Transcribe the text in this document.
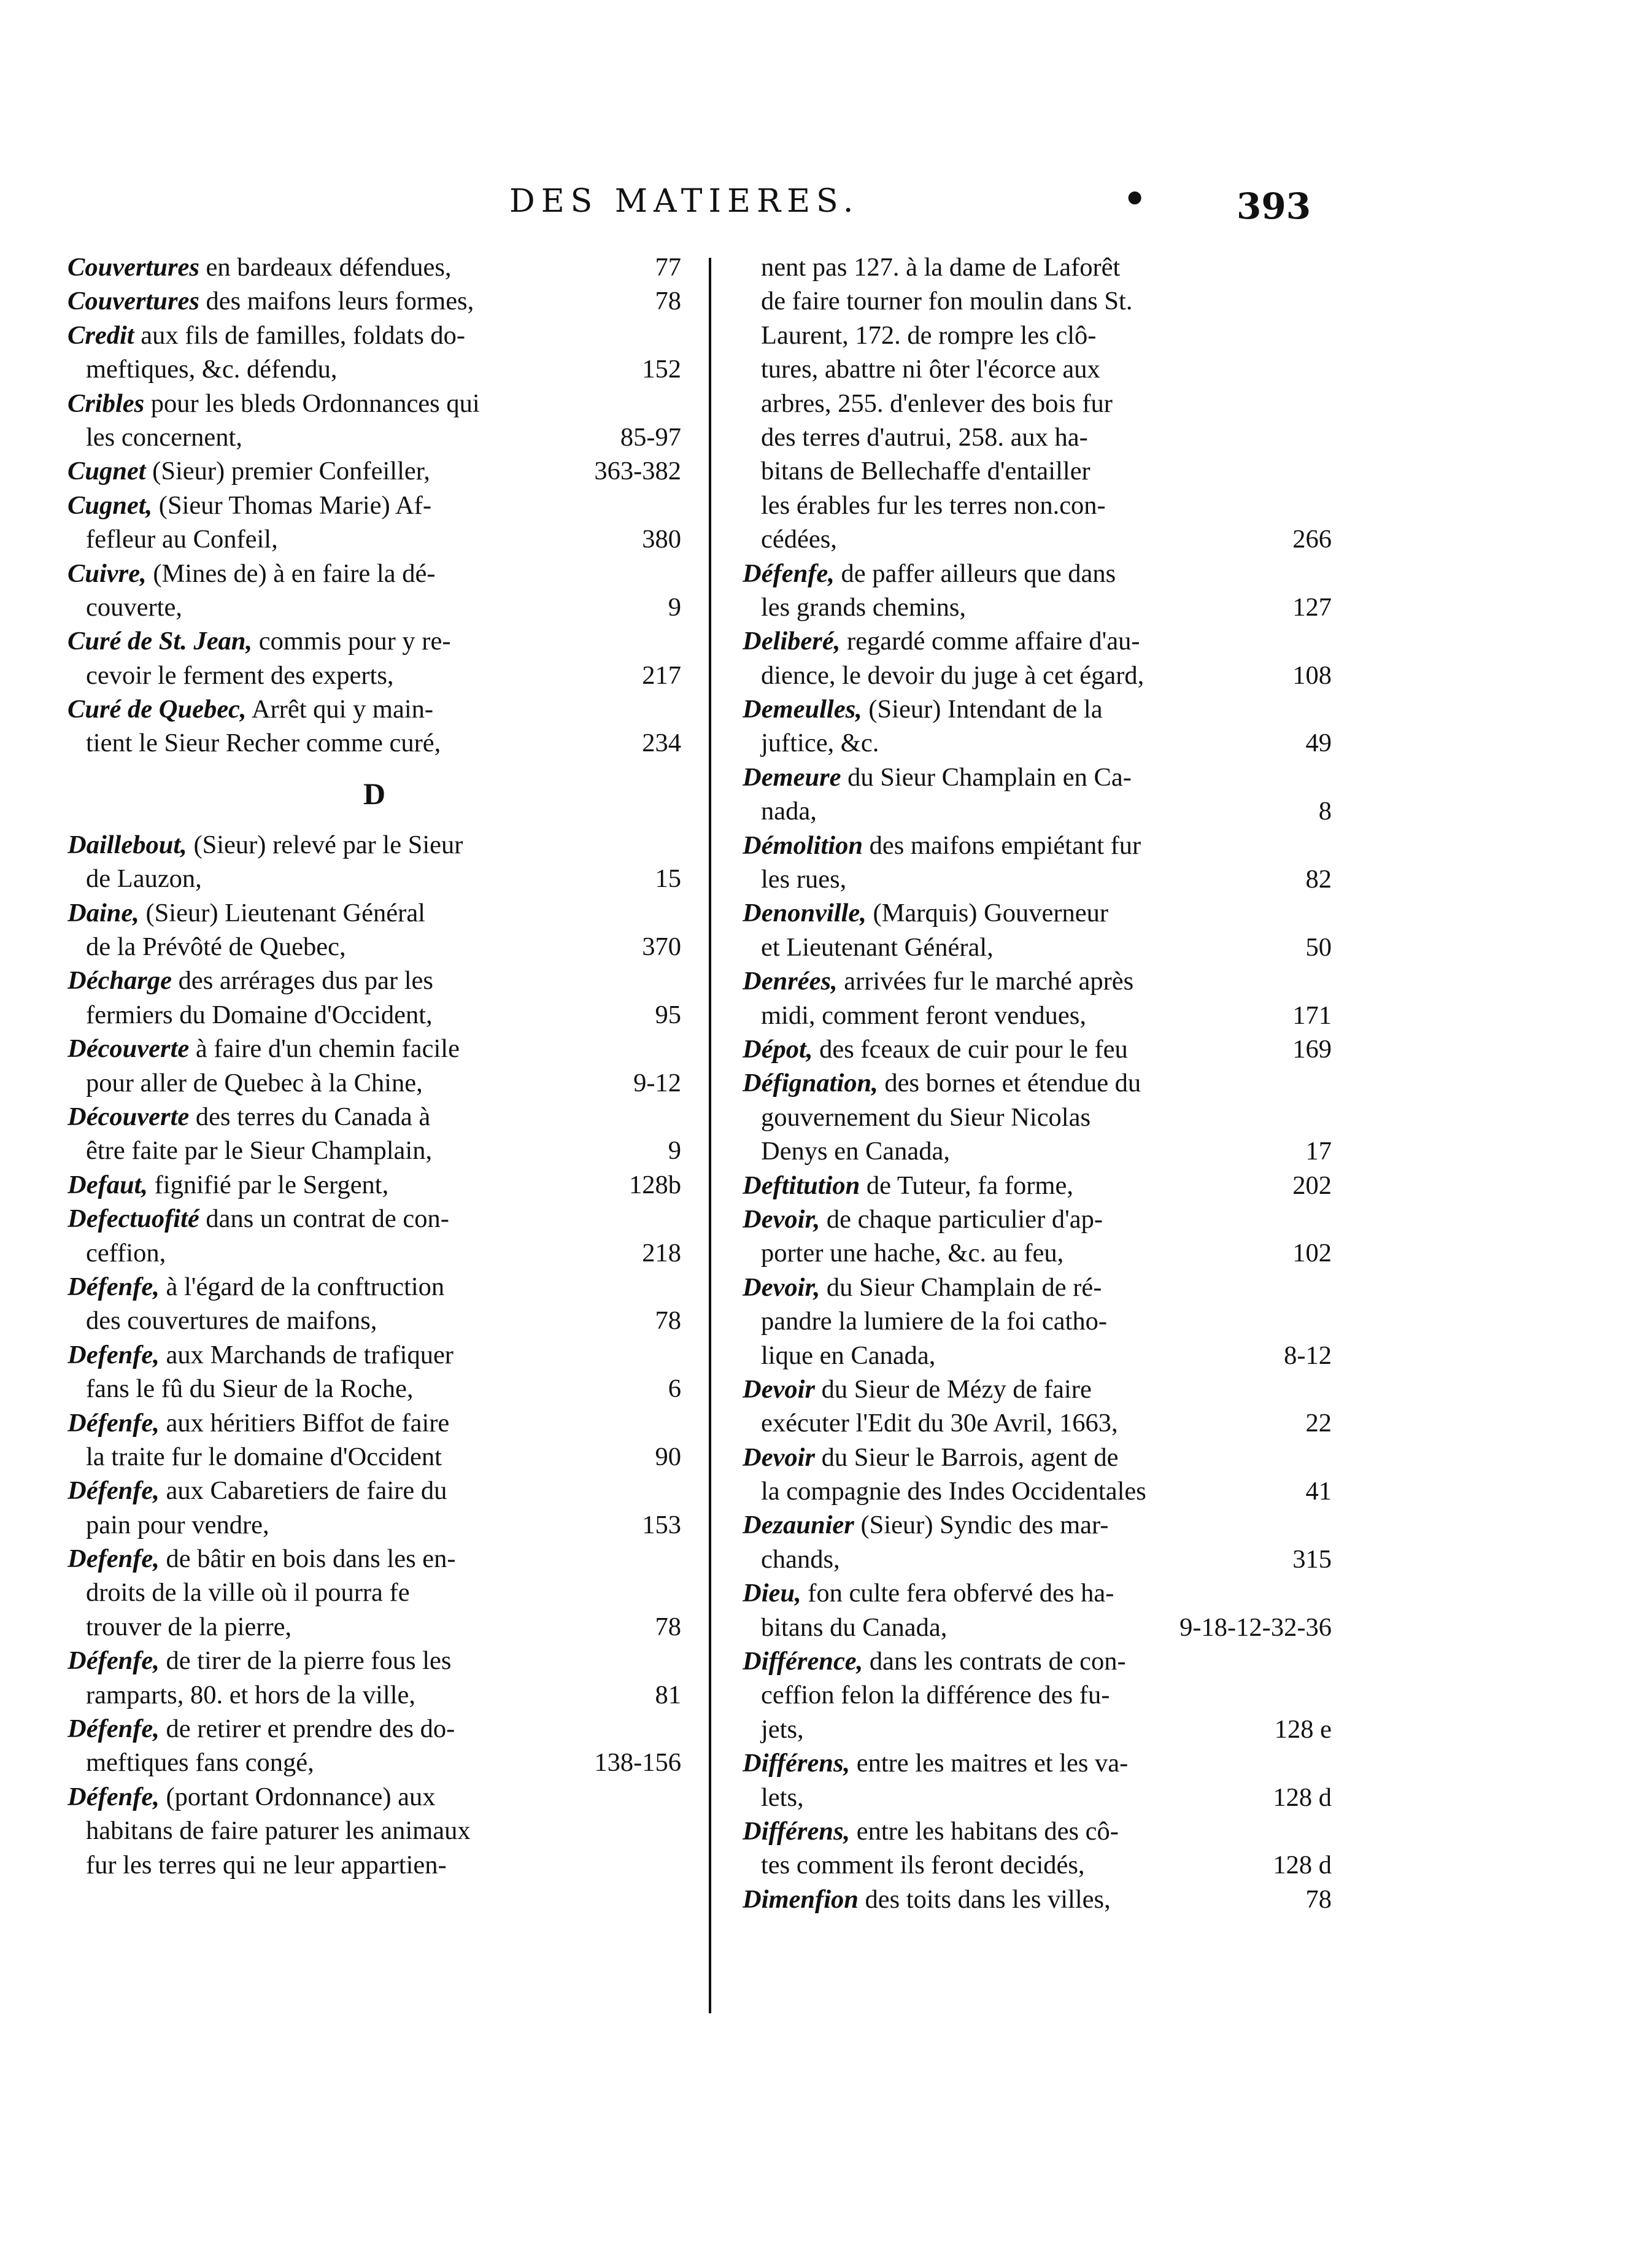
DES MATIERES.	•	393
Couvertures en bardeaux défendues,	77
Couvertures des maifons leurs formes,	78
Credit aux fils de familles, foldats do-
meftiques, &c. défendu,	152
Cribles pour les bleds Ordonnances qui
les concernent,	85-97
Cugnet (Sieur) premier Confeiller,	363-382
Cugnet, (Sieur Thomas Marie) Af-
fefleur au Confeil,	380
Cuivre, (Mines de) à en faire la dé-
couverte,	9
Curé de St. Jean, commis pour y re-
cevoir le ferment des experts,	217
Curé de Quebec, Arrêt qui y main-
tient le Sieur Recher comme curé,	234
D
Daillebout, (Sieur) relevé par le Sieur
de Lauzon,	15
Daine, (Sieur) Lieutenant Général
de la Prévôté de Quebec,	370
Décharge des arrérages dus par les
fermiers du Domaine d'Occident,	95
Découverte à faire d'un chemin facile
pour aller de Quebec à la Chine,	9-12
Découverte des terres du Canada à
être faite par le Sieur Champlain,	9
Defaut, fignifié par le Sergent,	128b
Defectuofité dans un contrat de con-
ceffion,	218
Défenfe, à l'égard de la conftruction
des couvertures de maifons,	78
Defenfe, aux Marchands de trafiquer
fans le fû du Sieur de la Roche,	6
Défenfe, aux héritiers Biffot de faire
la traite fur le domaine d'Occident	90
Défenfe, aux Cabaretiers de faire du
pain pour vendre,	153
Defenfe, de bâtir en bois dans les en-
droits de la ville où il pourra fe
trouver de la pierre,	78
Défenfe, de tirer de la pierre fous les
ramparts, 80. et hors de la ville,	81
Défenfe, de retirer et prendre des do-
meftiques fans congé,	138-156
Défenfe, (portant Ordonnance) aux
habitans de faire paturer les animaux
fur les terres qui ne leur appartien-
nent pas 127. à la dame de Laforêt
de faire tourner fon moulin dans St.
Laurent, 172. de rompre les clô-
tures, abattre ni ôter l'écorce aux
arbres, 255. d'enlever des bois fur
des terres d'autrui, 258. aux ha-
bitans de Bellechaffe d'entailler
les érables fur les terres non.con-
cédées,	266
Défenfe, de paffer ailleurs que dans
les grands chemins,	127
Deliberé, regardé comme affaire d'au-
dience, le devoir du juge à cet égard,	108
Demeulles, (Sieur) Intendant de la
juftice, &c.	49
Demeure du Sieur Champlain en Ca-
nada,	8
Démolition des maifons empiétant fur
les rues,	82
Denonville, (Marquis) Gouverneur
et Lieutenant Général,	50
Denrées, arrivées fur le marché après
midi, comment feront vendues,	171
Dépot, des fceaux de cuir pour le feu	169
Défignation, des bornes et étendue du
gouvernement du Sieur Nicolas
Denys en Canada,	17
Deftitution de Tuteur, fa forme,	202
Devoir, de chaque particulier d'ap-
porter une hache, &c. au feu,	102
Devoir, du Sieur Champlain de ré-
pandre la lumiere de la foi catho-
lique en Canada,	8-12
Devoir du Sieur de Mézy de faire
exécuter l'Edit du 30e Avril, 1663,	22
Devoir du Sieur le Barrois, agent de
la compagnie des Indes Occidentales	41
Dezaunier (Sieur) Syndic des mar-
chands,	315
Dieu, fon culte fera obfervé des ha-
bitans du Canada,	9-18-12-32-36
Différence, dans les contrats de con-
ceffion felon la différence des fu-
jets,	128 e
Différens, entre les maitres et les va-
lets,	128 d
Différens, entre les habitans des cô-
tes comment ils feront decidés,	128 d
Dimenfion des toits dans les villes,	78
